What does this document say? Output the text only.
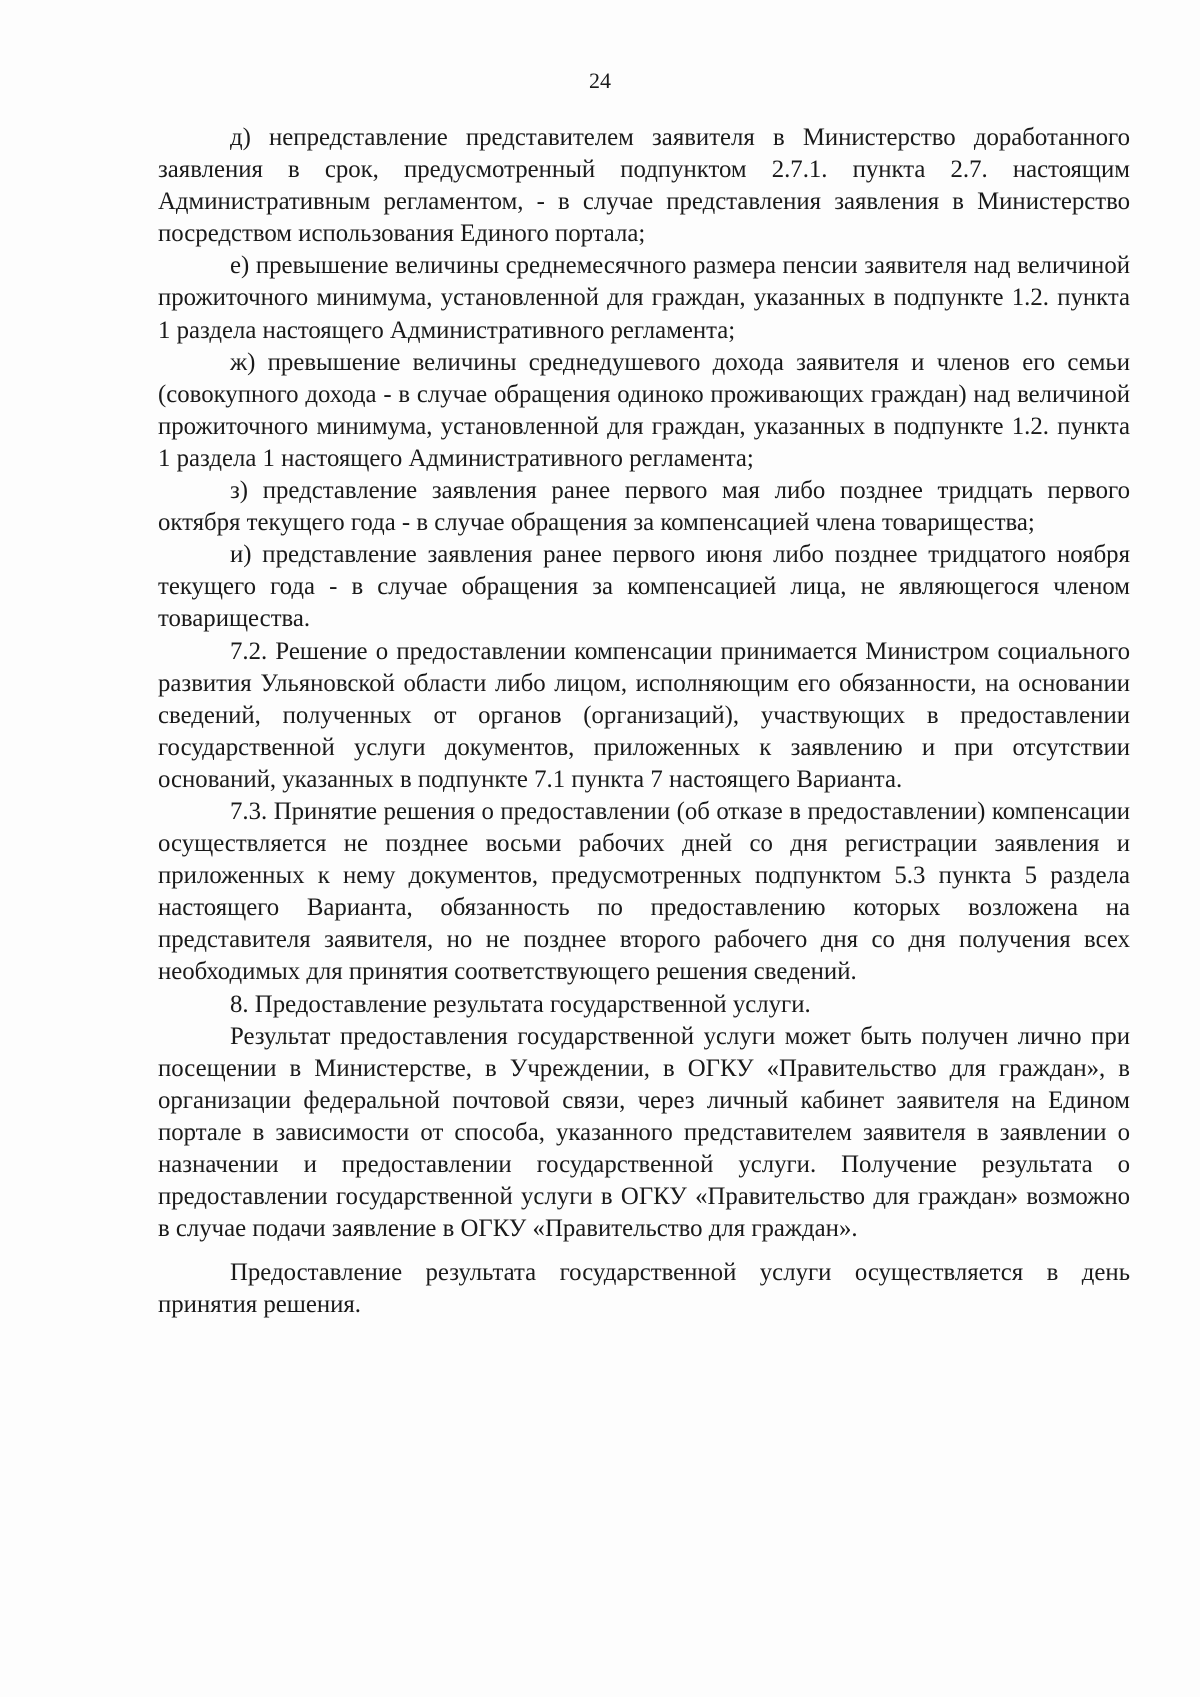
24

д) непредставление представителем заявителя в Министерство доработанного заявления в срок, предусмотренный подпунктом 2.7.1. пункта 2.7. настоящим Административным регламентом, - в случае представления заявления в Министерство посредством использования Единого портала;

е) превышение величины среднемесячного размера пенсии заявителя над величиной прожиточного минимума, установленной для граждан, указанных в подпункте 1.2. пункта 1 раздела настоящего Административного регламента;

ж) превышение величины среднедушевого дохода заявителя и членов его семьи (совокупного дохода - в случае обращения одиноко проживающих граждан) над величиной прожиточного минимума, установленной для граждан, указанных в подпункте 1.2. пункта 1 раздела 1 настоящего Административного регламента;

з) представление заявления ранее первого мая либо позднее тридцать первого октября текущего года - в случае обращения за компенсацией члена товарищества;

и) представление заявления ранее первого июня либо позднее тридцатого ноября текущего года - в случае обращения за компенсацией лица, не являющегося членом товарищества.

7.2. Решение о предоставлении компенсации принимается Министром социального развития Ульяновской области либо лицом, исполняющим его обязанности, на основании сведений, полученных от органов (организаций), участвующих в предоставлении государственной услуги документов, приложенных к заявлению и при отсутствии оснований, указанных в подпункте 7.1 пункта 7 настоящего Варианта.

7.3. Принятие решения о предоставлении (об отказе в предоставлении) компенсации осуществляется не позднее восьми рабочих дней со дня регистрации заявления и приложенных к нему документов, предусмотренных подпунктом 5.3 пункта 5 раздела настоящего Варианта, обязанность по предоставлению которых возложена на представителя заявителя, но не позднее второго рабочего дня со дня получения всех необходимых для принятия соответствующего решения сведений.

8. Предоставление результата государственной услуги.

Результат предоставления государственной услуги может быть получен лично при посещении в Министерстве, в Учреждении, в ОГКУ «Правительство для граждан», в организации федеральной почтовой связи, через личный кабинет заявителя на Едином портале в зависимости от способа, указанного представителем заявителя в заявлении о назначении и предоставлении государственной услуги. Получение результата о предоставлении государственной услуги в ОГКУ «Правительство для граждан» возможно в случае подачи заявление в ОГКУ «Правительство для граждан».

Предоставление результата государственной услуги осуществляется в день принятия решения.
